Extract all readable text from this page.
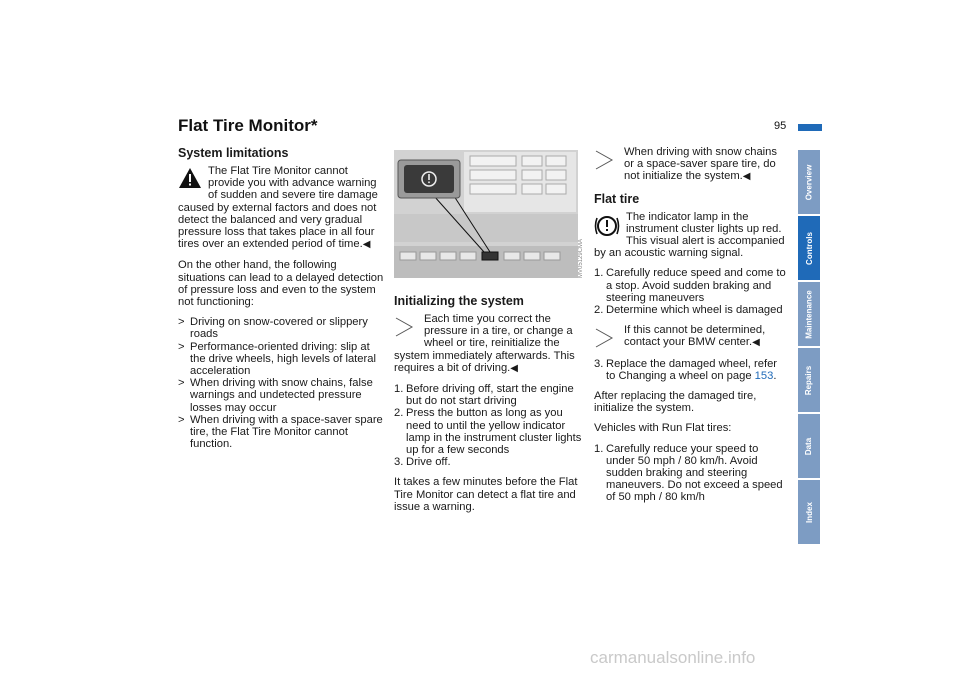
Flat Tire Monitor*	95
System limitations
The Flat Tire Monitor cannot provide you with advance warning of sudden and severe tire damage caused by external factors and does not detect the balanced and very gradual pressure loss that takes place in all four tires over an extended period of time.◀
On the other hand, the following situations can lead to a delayed detection of pressure loss and even to the system not functioning:
> Driving on snow-covered or slippery roads
> Performance-oriented driving: slip at the drive wheels, high levels of lateral acceleration
> When driving with snow chains, false warnings and undetected pressure losses may occur
> When driving with a space-saver spare tire, the Flat Tire Monitor cannot function.
MV05129CMA
Initializing the system
Each time you correct the pressure in a tire, or change a wheel or tire, reinitialize the system immediately afterwards. This requires a bit of driving.◀
1. Before driving off, start the engine but do not start driving
2. Press the button as long as you need to until the yellow indicator lamp in the instrument cluster lights up for a few seconds
3. Drive off.
It takes a few minutes before the Flat Tire Monitor can detect a flat tire and issue a warning.
When driving with snow chains or a space-saver spare tire, do not initialize the system.◀
Flat tire
The indicator lamp in the instrument cluster lights up red. This visual alert is accompanied by an acoustic warning signal.
1. Carefully reduce speed and come to a stop. Avoid sudden braking and steering maneuvers
2. Determine which wheel is damaged
If this cannot be determined, contact your BMW center.◀
3. Replace the damaged wheel, refer to Changing a wheel on page 153.
After replacing the damaged tire, initialize the system.
Vehicles with Run Flat tires:
1. Carefully reduce your speed to under 50 mph / 80 km/h. Avoid sudden braking and steering maneuvers. Do not exceed a speed of 50 mph / 80 km/h
Overview
Controls
Maintenance
Repairs
Data
Index
carmanualsonline.info
